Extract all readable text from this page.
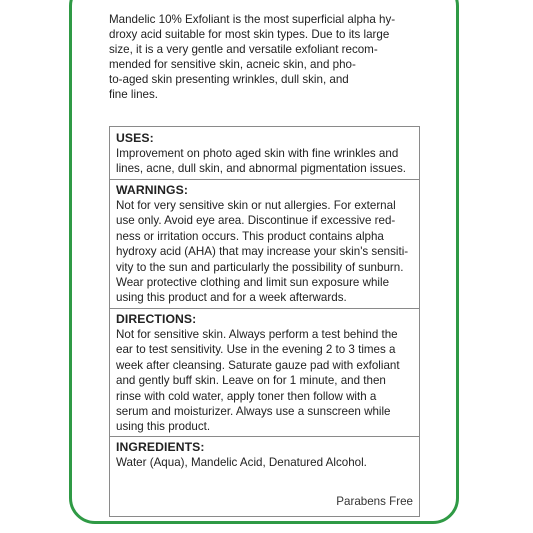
Mandelic 10% Exfoliant is the most superficial alpha hy-
droxy acid suitable for most skin types. Due to its large
size, it is a very gentle and versatile exfoliant recom-
mended for sensitive skin, acneic skin, and pho-
to-aged skin presenting wrinkles, dull skin, and
fine lines.
USES:

Improvement on photo aged skin with fine wrinkles and

lines, acne, dull skin, and abnormal pigmentation issues.

WARNINGS:

Not for very sensitive skin or nut allergies. For external

use only. Avoid eye area. Discontinue if excessive red-

ness or irritation occurs. This product contains alpha

hydroxy acid (AHA) that may increase your skin's sensiti-

vity to the sun and particularly the possibility of sunburn.

Wear protective clothing and limit sun exposure while

using this product and for a week afterwards.

DIRECTIONS:

Not for sensitive skin. Always perform a test behind the

ear to test sensitivity. Use in the evening 2 to 3 times a

week after cleansing. Saturate gauze pad with exfoliant

and gently buff skin. Leave on for 1 minute, and then

rinse with cold water, apply toner then follow with a

serum and moisturizer. Always use a sunscreen while

using this product.

INGREDIENTS:

Water (Aqua), Mandelic Acid, Denatured Alcohol.

Parabens Free
